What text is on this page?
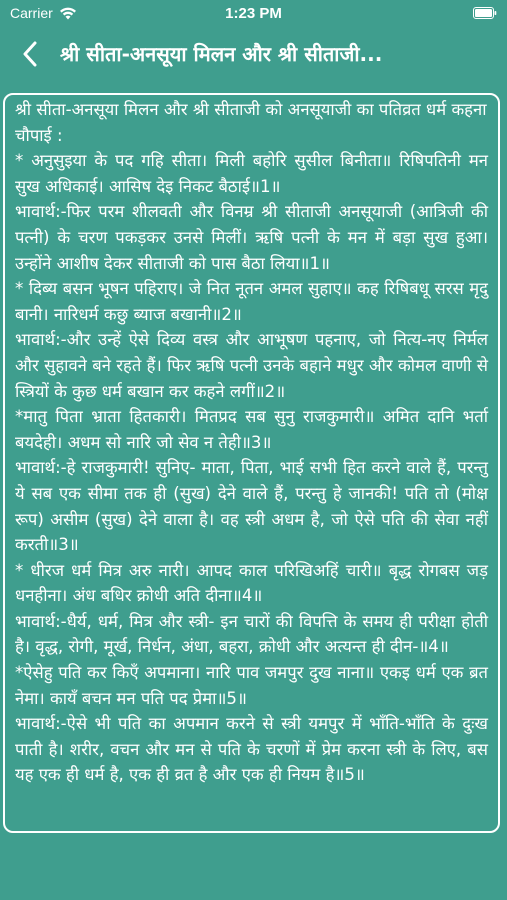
Carrier	1:23 PM
श्री सीता-अनसूया मिलन और श्री सीताजी...
श्री सीता-अनसूया मिलन और श्री सीताजी को अनसूयाजी का पतिव्रत धर्म कहना
चौपाई :
* अनुसुइया के पद गहि सीता। मिली बहोरि सुसील बिनीता॥ रिषिपतिनी मन सुख अधिकाई। आसिष देइ निकट बैठाई॥1॥
भावार्थ:-फिर परम शीलवती और विनम्र श्री सीताजी अनसूयाजी (आत्रिजी की पत्नी) के चरण पकड़कर उनसे मिलीं। ऋषि पत्नी के मन में बड़ा सुख हुआ। उन्होंने आशीष देकर सीताजी को पास बैठा लिया॥1॥
* दिब्य बसन भूषन पहिराए। जे नित नूतन अमल सुहाए॥ कह रिषिबधू सरस मृदु बानी। नारिधर्म कछु ब्याज बखानी॥2॥
भावार्थ:-और उन्हें ऐसे दिव्य वस्त्र और आभूषण पहनाए, जो नित्य-नए निर्मल और सुहावने बने रहते हैं। फिर ऋषि पत्नी उनके बहाने मधुर और कोमल वाणी से स्त्रियों के कुछ धर्म बखान कर कहने लगीं॥2॥
*मातु पिता भ्राता हितकारी। मितप्रद सब सुनु राजकुमारी॥ अमित दानि भर्ता बयदेही। अधम सो नारि जो सेव न तेही॥3॥
भावार्थ:-हे राजकुमारी! सुनिए- माता, पिता, भाई सभी हित करने वाले हैं, परन्तु ये सब एक सीमा तक ही (सुख) देने वाले हैं, परन्तु हे जानकी! पति तो (मोक्ष रूप) असीम (सुख) देने वाला है। वह स्त्री अधम है, जो ऐसे पति की सेवा नहीं करती॥3॥
* धीरज धर्म मित्र अरु नारी। आपद काल परिखिअहिं चारी॥ बृद्ध रोगबस जड़ धनहीना। अंध बधिर क्रोधी अति दीना॥4॥
भावार्थ:-धैर्य, धर्म, मित्र और स्त्री- इन चारों की विपत्ति के समय ही परीक्षा होती है। वृद्ध, रोगी, मूर्ख, निर्धन, अंधा, बहरा, क्रोधी और अत्यन्त ही दीन-॥4॥
*ऐसेहु पति कर किएँ अपमाना। नारि पाव जमपुर दुख नाना॥ एकइ धर्म एक ब्रत नेमा। कायँ बचन मन पति पद प्रेमा॥5॥
भावार्थ:-ऐसे भी पति का अपमान करने से स्त्री यमपुर में भाँति-भाँति के दुःख पाती है। शरीर, वचन और मन से पति के चरणों में प्रेम करना स्त्री के लिए, बस यह एक ही धर्म है, एक ही व्रत है और एक ही नियम है॥5॥
